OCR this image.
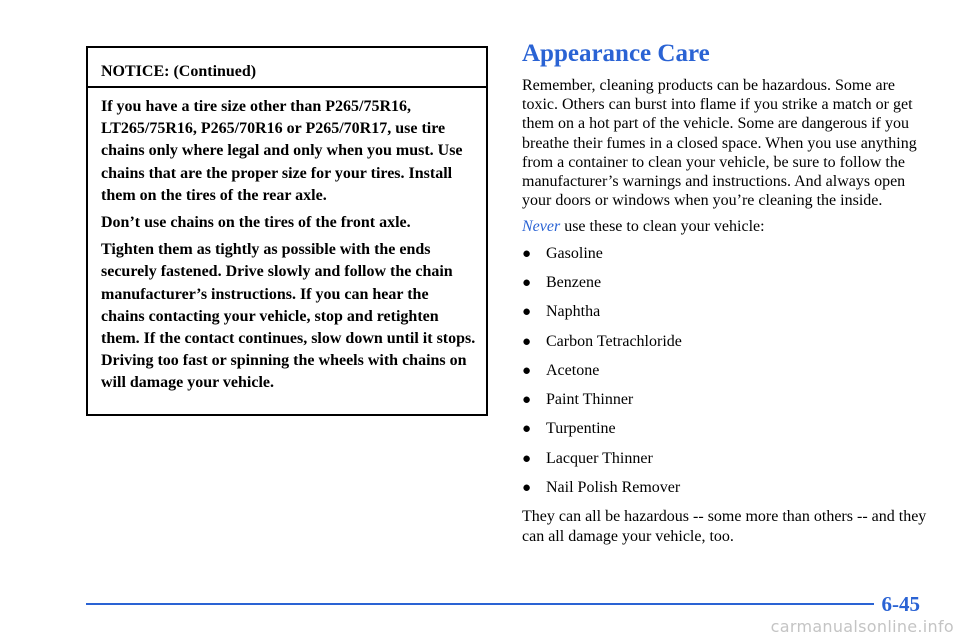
NOTICE: (Continued)

If you have a tire size other than P265/75R16, LT265/75R16, P265/70R16 or P265/70R17, use tire chains only where legal and only when you must. Use chains that are the proper size for your tires. Install them on the tires of the rear axle.

Don’t use chains on the tires of the front axle.

Tighten them as tightly as possible with the ends securely fastened. Drive slowly and follow the chain manufacturer’s instructions. If you can hear the chains contacting your vehicle, stop and retighten them. If the contact continues, slow down until it stops. Driving too fast or spinning the wheels with chains on will damage your vehicle.

Appearance Care

Remember, cleaning products can be hazardous. Some are toxic. Others can burst into flame if you strike a match or get them on a hot part of the vehicle. Some are dangerous if you breathe their fumes in a closed space. When you use anything from a container to clean your vehicle, be sure to follow the manufacturer’s warnings and instructions. And always open your doors or windows when you’re cleaning the inside.

Never use these to clean your vehicle:

● Gasoline
● Benzene
● Naphtha
● Carbon Tetrachloride
● Acetone
● Paint Thinner
● Turpentine
● Lacquer Thinner
● Nail Polish Remover

They can all be hazardous -- some more than others -- and they can all damage your vehicle, too.

6-45
carmanualsonline.info
